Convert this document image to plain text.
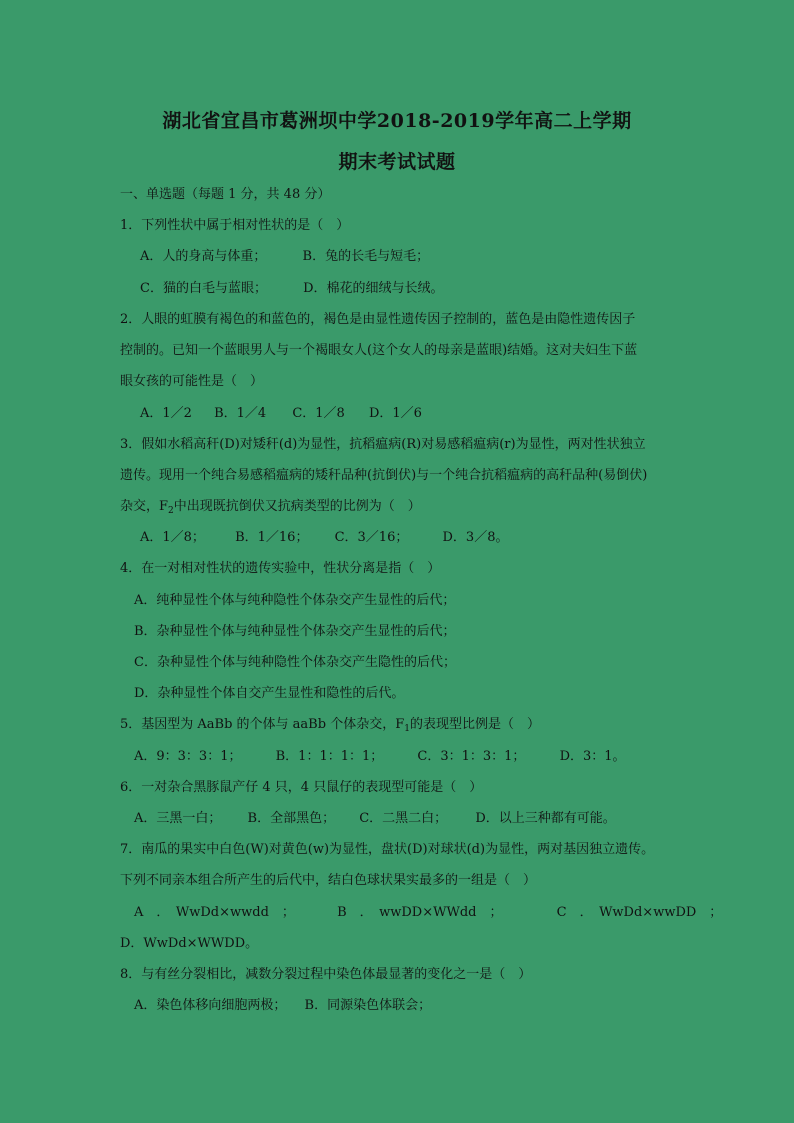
湖北省宜昌市葛洲坝中学2018-2019学年高二上学期
期末考试试题
一、单选题（每题 1 分，共 48 分）
1．下列性状中属于相对性状的是（　）
A．人的身高与体重；	B．兔的长毛与短毛；
C．猫的白毛与蓝眼；	D．棉花的细绒与长绒。
2．人眼的虹膜有褐色的和蓝色的，褐色是由显性遗传因子控制的，蓝色是由隐性遗传因子
控制的。已知一个蓝眼男人与一个褐眼女人(这个女人的母亲是蓝眼)结婚。这对夫妇生下蓝
眼女孩的可能性是（　）
A．1／2 B．1／4 C．1／8 D．1／6
3．假如水稻高秆(D)对矮秆(d)为显性，抗稻瘟病(R)对易感稻瘟病(r)为显性，两对性状独立
遗传。现用一个纯合易感稻瘟病的矮秆品种(抗倒伏)与一个纯合抗稻瘟病的高秆品种(易倒伏)
杂交，$F_2$中出现既抗倒伏又抗病类型的比例为（　）
A．1／8； B．1／16； C．3／16；	D．3／8。
4．在一对相对性状的遗传实验中，性状分离是指（　）
A．纯种显性个体与纯种隐性个体杂交产生显性的后代；
B．杂种显性个体与纯种显性个体杂交产生显性的后代；
C．杂种显性个体与纯种隐性个体杂交产生隐性的后代；
D．杂种显性个体自交产生显性和隐性的后代。
5．基因型为 AaBb 的个体与 aaBb 个体杂交，$F_1$的表现型比例是（　）
A．9：3：3：1；	B．1：1：1：1；	C．3：1：3：1；	D．3：1。
6．一对杂合黑豚鼠产仔 4 只，4 只鼠仔的表现型可能是（　）
A．三黑一白； B．全部黑色； C．二黑二白； D．以上三种都有可能。
7．南瓜的果实中白色(W)对黄色(w)为显性，盘状(D)对球状(d)为显性，两对基因独立遗传。
下列不同亲本组合所产生的后代中，结白色球状果实最多的一组是（　）
A　．　WwDd×wwdd　；	B　．　wwDD×WWdd　；	C　．　WwDd×wwDD　；
D．WwDd×WWDD。
8．与有丝分裂相比，减数分裂过程中染色体最显著的变化之一是（　）
A．染色体移向细胞两极； B．同源染色体联会；
